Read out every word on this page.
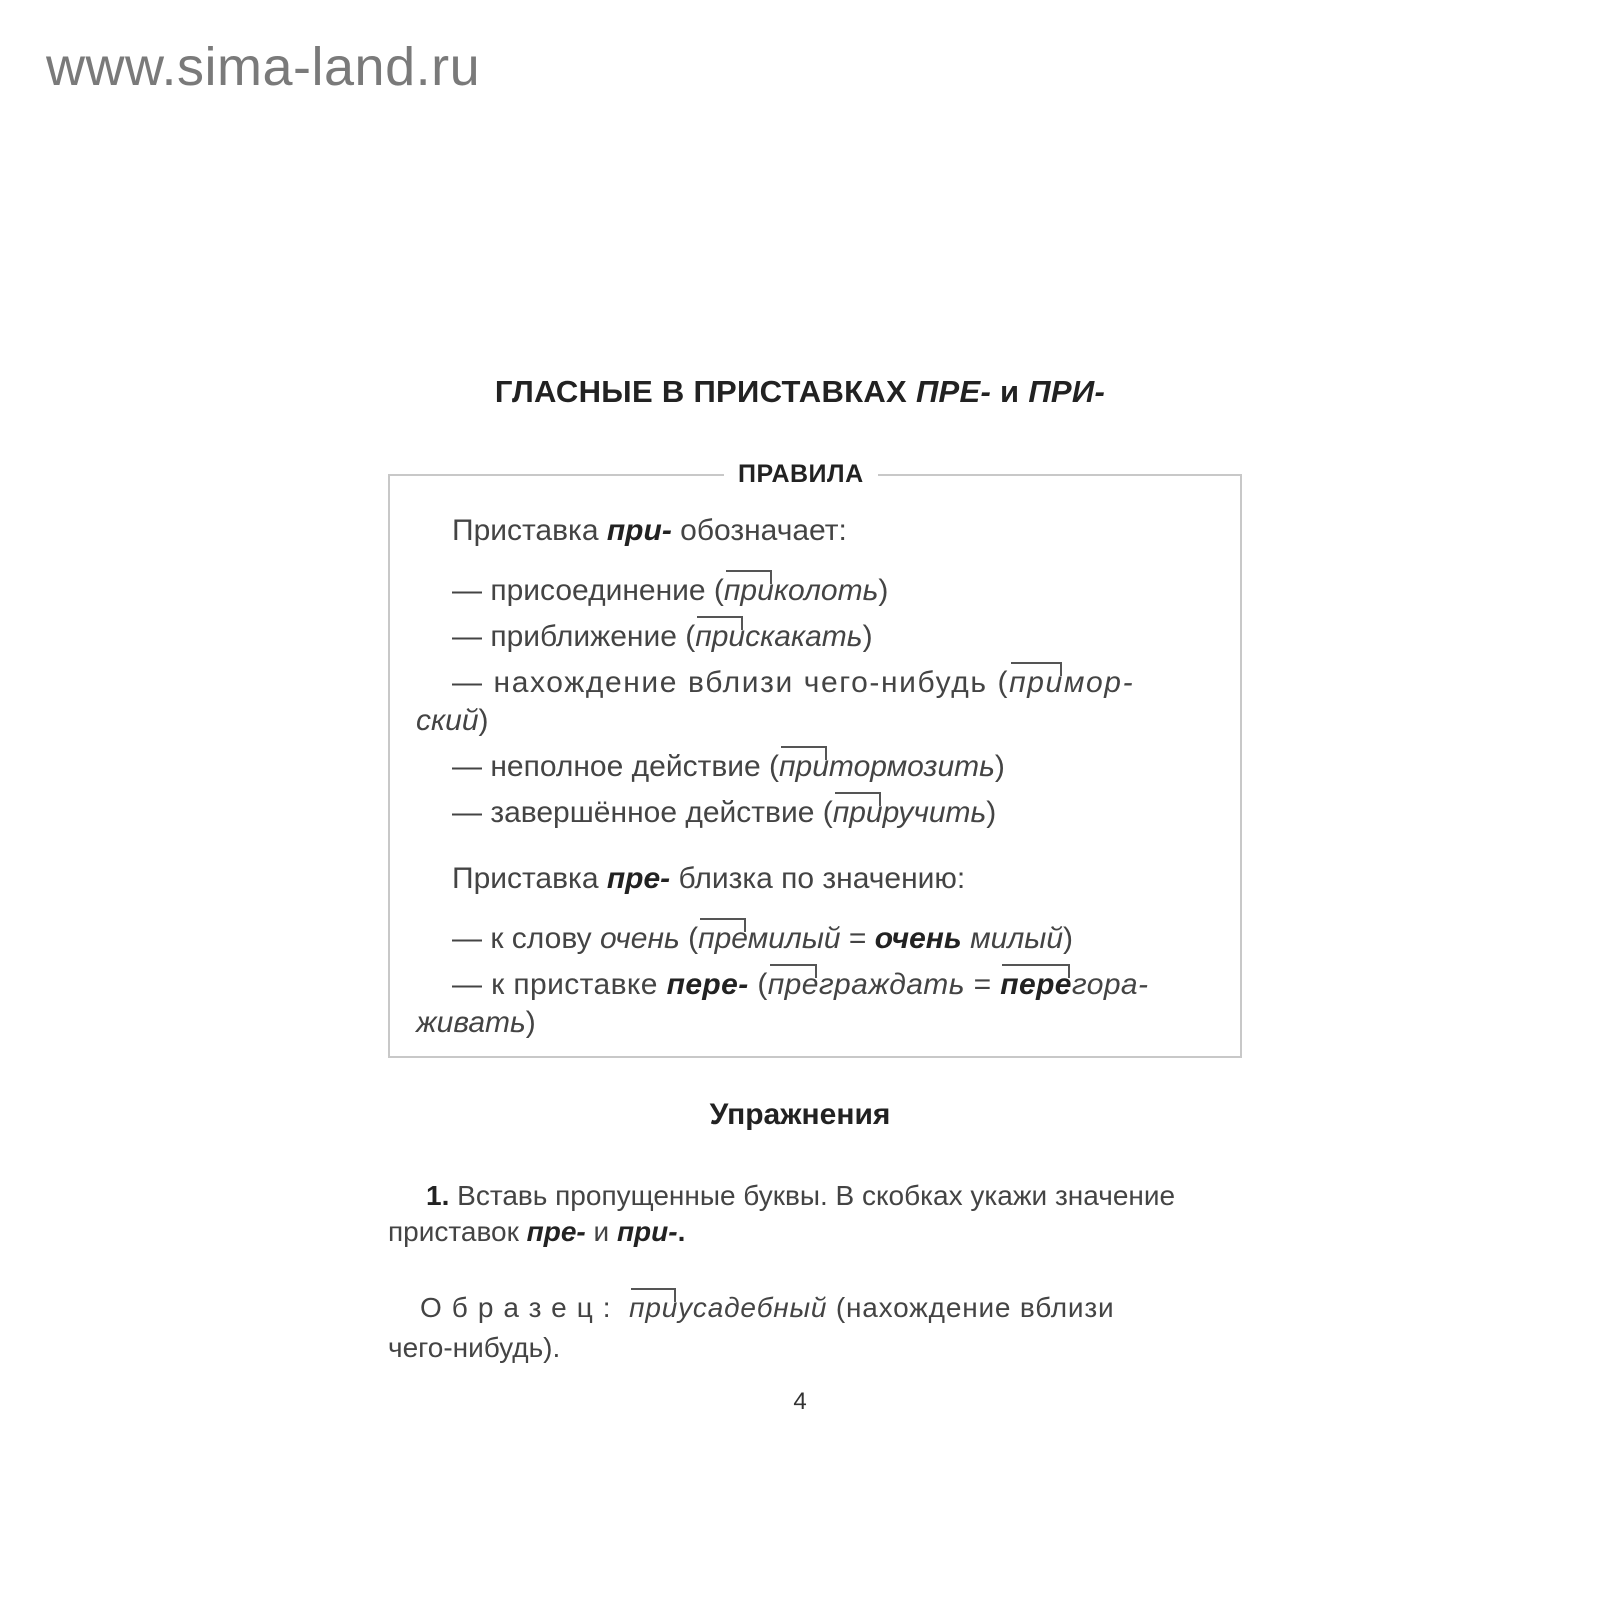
www.sima-land.ru
ГЛАСНЫЕ В ПРИСТАВКАХ ПРЕ- и ПРИ-
ПРАВИЛА
Приставка при- обозначает:
— присоединение (приколоть)
— приближение (прискакать)
— нахождение вблизи чего-нибудь (примор-
ский)
— неполное действие (притормозить)
— завершённое действие (приручить)
Приставка пре- близка по значению:
— к слову очень (премилый = очень милый)
— к приставке пере- (преграждать = перегора-
живать)
Упражнения
1. Вставь пропущенные буквы. В скобках укажи значение
приставок пре- и при-.
Образец: приусадебный (нахождение вблизи
чего-нибудь).
4
